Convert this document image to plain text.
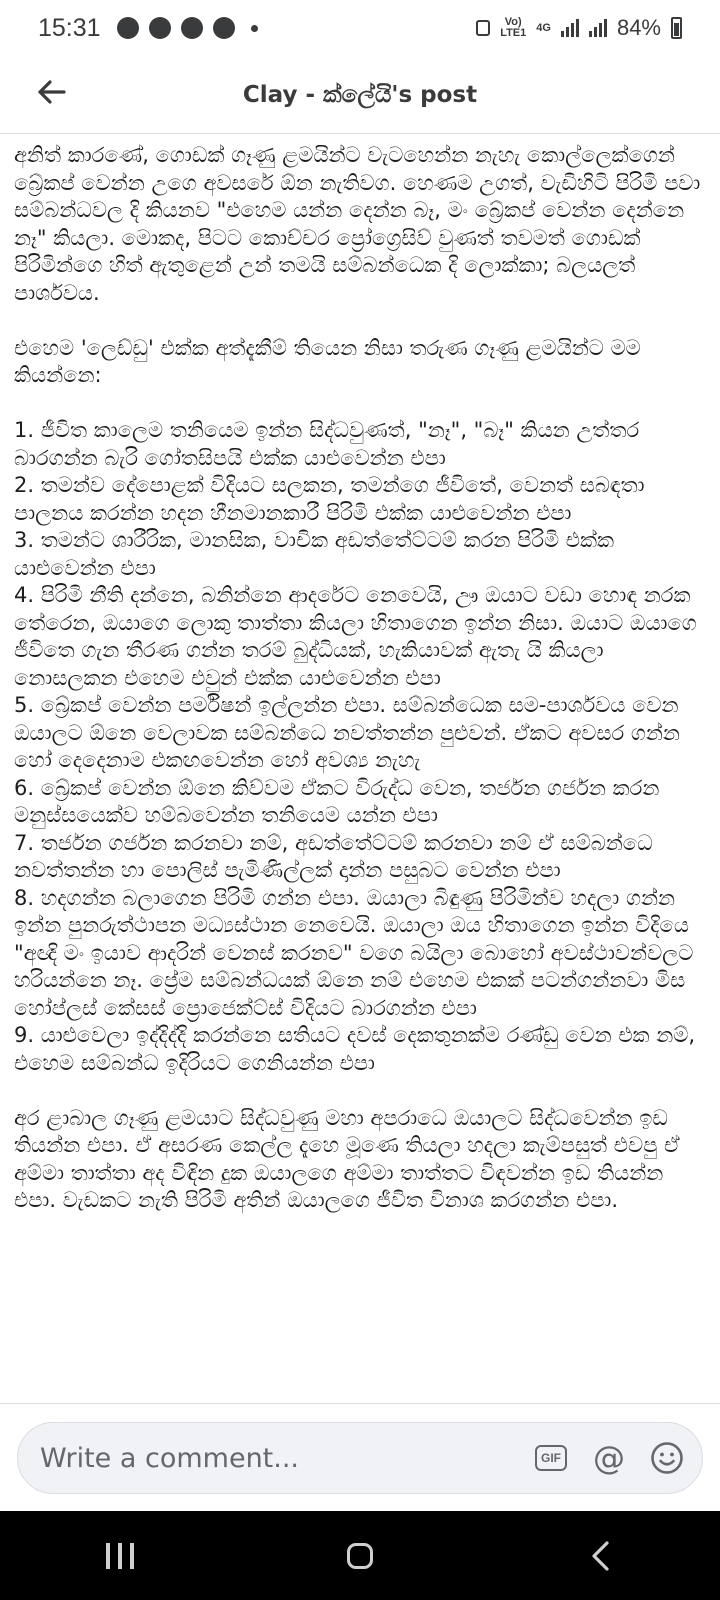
15:31	Vo)
LTE1 4G	84%
Clay - ක්ලේයි's post

අනිත් කාරණේ, ගොඩක් ගෑණු ළමයින්ට වැටහෙන්න නැහැ කොල්ලෙක්ගෙන් බ්‍රේකප් වෙන්න උගෙ අවසරේ ඕන නැතිවග. හෙණම උගත්, වැඩිහිටි පිරිමි පවා සම්බන්ධවල දි කියනව "එහෙම යන්න දෙන්න බෑ, මං බ්‍රේකප් වෙන්න දෙන්නෙ නෑ" කියලා. මොකද, පිටට කොච්චර ප්‍රෝග්‍රෙසිව් වුණත් තවමත් ගොඩක් පිරිමින්ගෙ හිත් ඇතුළෙන් උන් තමයි සම්බන්ධෙක දි ලොක්කා; බලයලත් පාර්ශවය.

එහෙම 'ලෙඩ්ඩු' එක්ක අත්දැකීම් තියෙන නිසා තරුණ ගෑණු ළමයින්ට මම කියන්නෙ:

1. ජීවිත කාලෙම තනියෙම ඉන්න සිද්ධවුණත්, "නෑ", "බෑ" කියන උත්තර බාරගන්න බැරි ගෝතසිපයි එක්ක යාළුවෙන්න එපා
2. තමන්ව දේපොළක් විදියට සලකන, තමන්ගෙ ජීවිතේ, වෙනත් සබඳතා පාලනය කරන්න හදන හීනමානකාරී පිරිමි එක්ක යාළුවෙන්න එපා
3. තමන්ට ශාරීරික, මානසික, වාචික අඩත්තේට්ටම් කරන පිරිමි එක්ක යාළුවෙන්න එපා
4. පිරිමි නීති දන්නෙ, බනින්නෙ ආදරේට නෙවෙයි, ඌ ඔයාට වඩා හොඳ නරක තේරෙන, ඔයාගෙ ලොකු තාත්තා කියලා හිතාගෙන ඉන්න නිසා. ඔයාට ඔයාගෙ ජීවිතෙ ගැන තීරණ ගන්න තරම් බුද්ධියක්, හැකියාවක් ඇතැ යි කියලා නොසලකන එහෙම එවුන් එක්ක යාළුවෙන්න එපා
5. බ්‍රේකප් වෙන්න පර්මිෂන් ඉල්ලන්න එපා. සම්බන්ධෙක සම-පාර්ශවය වෙන ඔයාලට ඕනෙ වෙලාවක සම්බන්ධෙ නවත්තන්න පුළුවන්. ඒකට අවසර ගන්න හෝ දෙදෙනාම එකඟවෙන්න හෝ අවශ්‍ය නැහැ
6. බ්‍රේකප් වෙන්න ඕනෙ කිව්වම ඒකට විරුද්ධ වෙන, තර්ජන ගර්ජන කරන මනුස්සයෙක්ව හම්බවෙන්න තනියෙම යන්න එපා
7. තර්ජන ගර්ජන කරනවා නම්, අඩත්තේට්ටම් කරනවා නම් ඒ සම්බන්ධෙ නවත්තන්න හා පොලිස් පැමිණිල්ලක් දාන්න පසුබට වෙන්න එපා
8. හදගන්න බලාගෙන පිරිමි ගන්න එපා. ඔයාලා බිඳුණු පිරිමින්ව හදලා ගන්න ඉන්න පුනරුත්ථාපන මධ්‍යස්ථාන නෙවෙයි. ඔයාලා ඔය හිතාගෙන ඉන්න විදියෙ "අඥි මං ඉයාව ආදරින් වෙනස් කරනව" වගෙ බයිලා බොහෝ අවස්ථාවන්වලට හරියන්නෙ නෑ. ප්‍රේම සම්බන්ධයක් ඕනෙ නම් එහෙම එකක් පටන්ගන්නවා මිස හෝප්ලස් කේසස් ප්‍රොජෙක්ට්ස් විදියට බාරගන්න එපා
9. යාළුවෙලා ඉද්දිද්දි කරන්නෙ සතියට දවස් දෙකතුනක්ම රණ්ඩු වෙන එක නම්, එහෙම සම්බන්ධ ඉදිරියට ගෙනියන්න එපා

අර ළාබාල ගෑණු ළමයාට සිද්ධවුණු මහා අපරාධෙ ඔයාලට සිද්ධවෙන්න ඉඩ තියන්න එපා. ඒ අසරණ කෙල්ල දැහෙ මූණෙ තියලා හදලා කැම්පසුත් එවපු ඒ අම්මා තාත්තා අද විඳින දුක ඔයාලගෙ අම්මා තාත්තට විඳවන්න ඉඩ තියන්න එපා. වැඩකට නැති පිරිමි අතින් ඔයාලගෙ ජීවිත විනාශ කරගන්න එපා.

Write a comment...
GIF @
